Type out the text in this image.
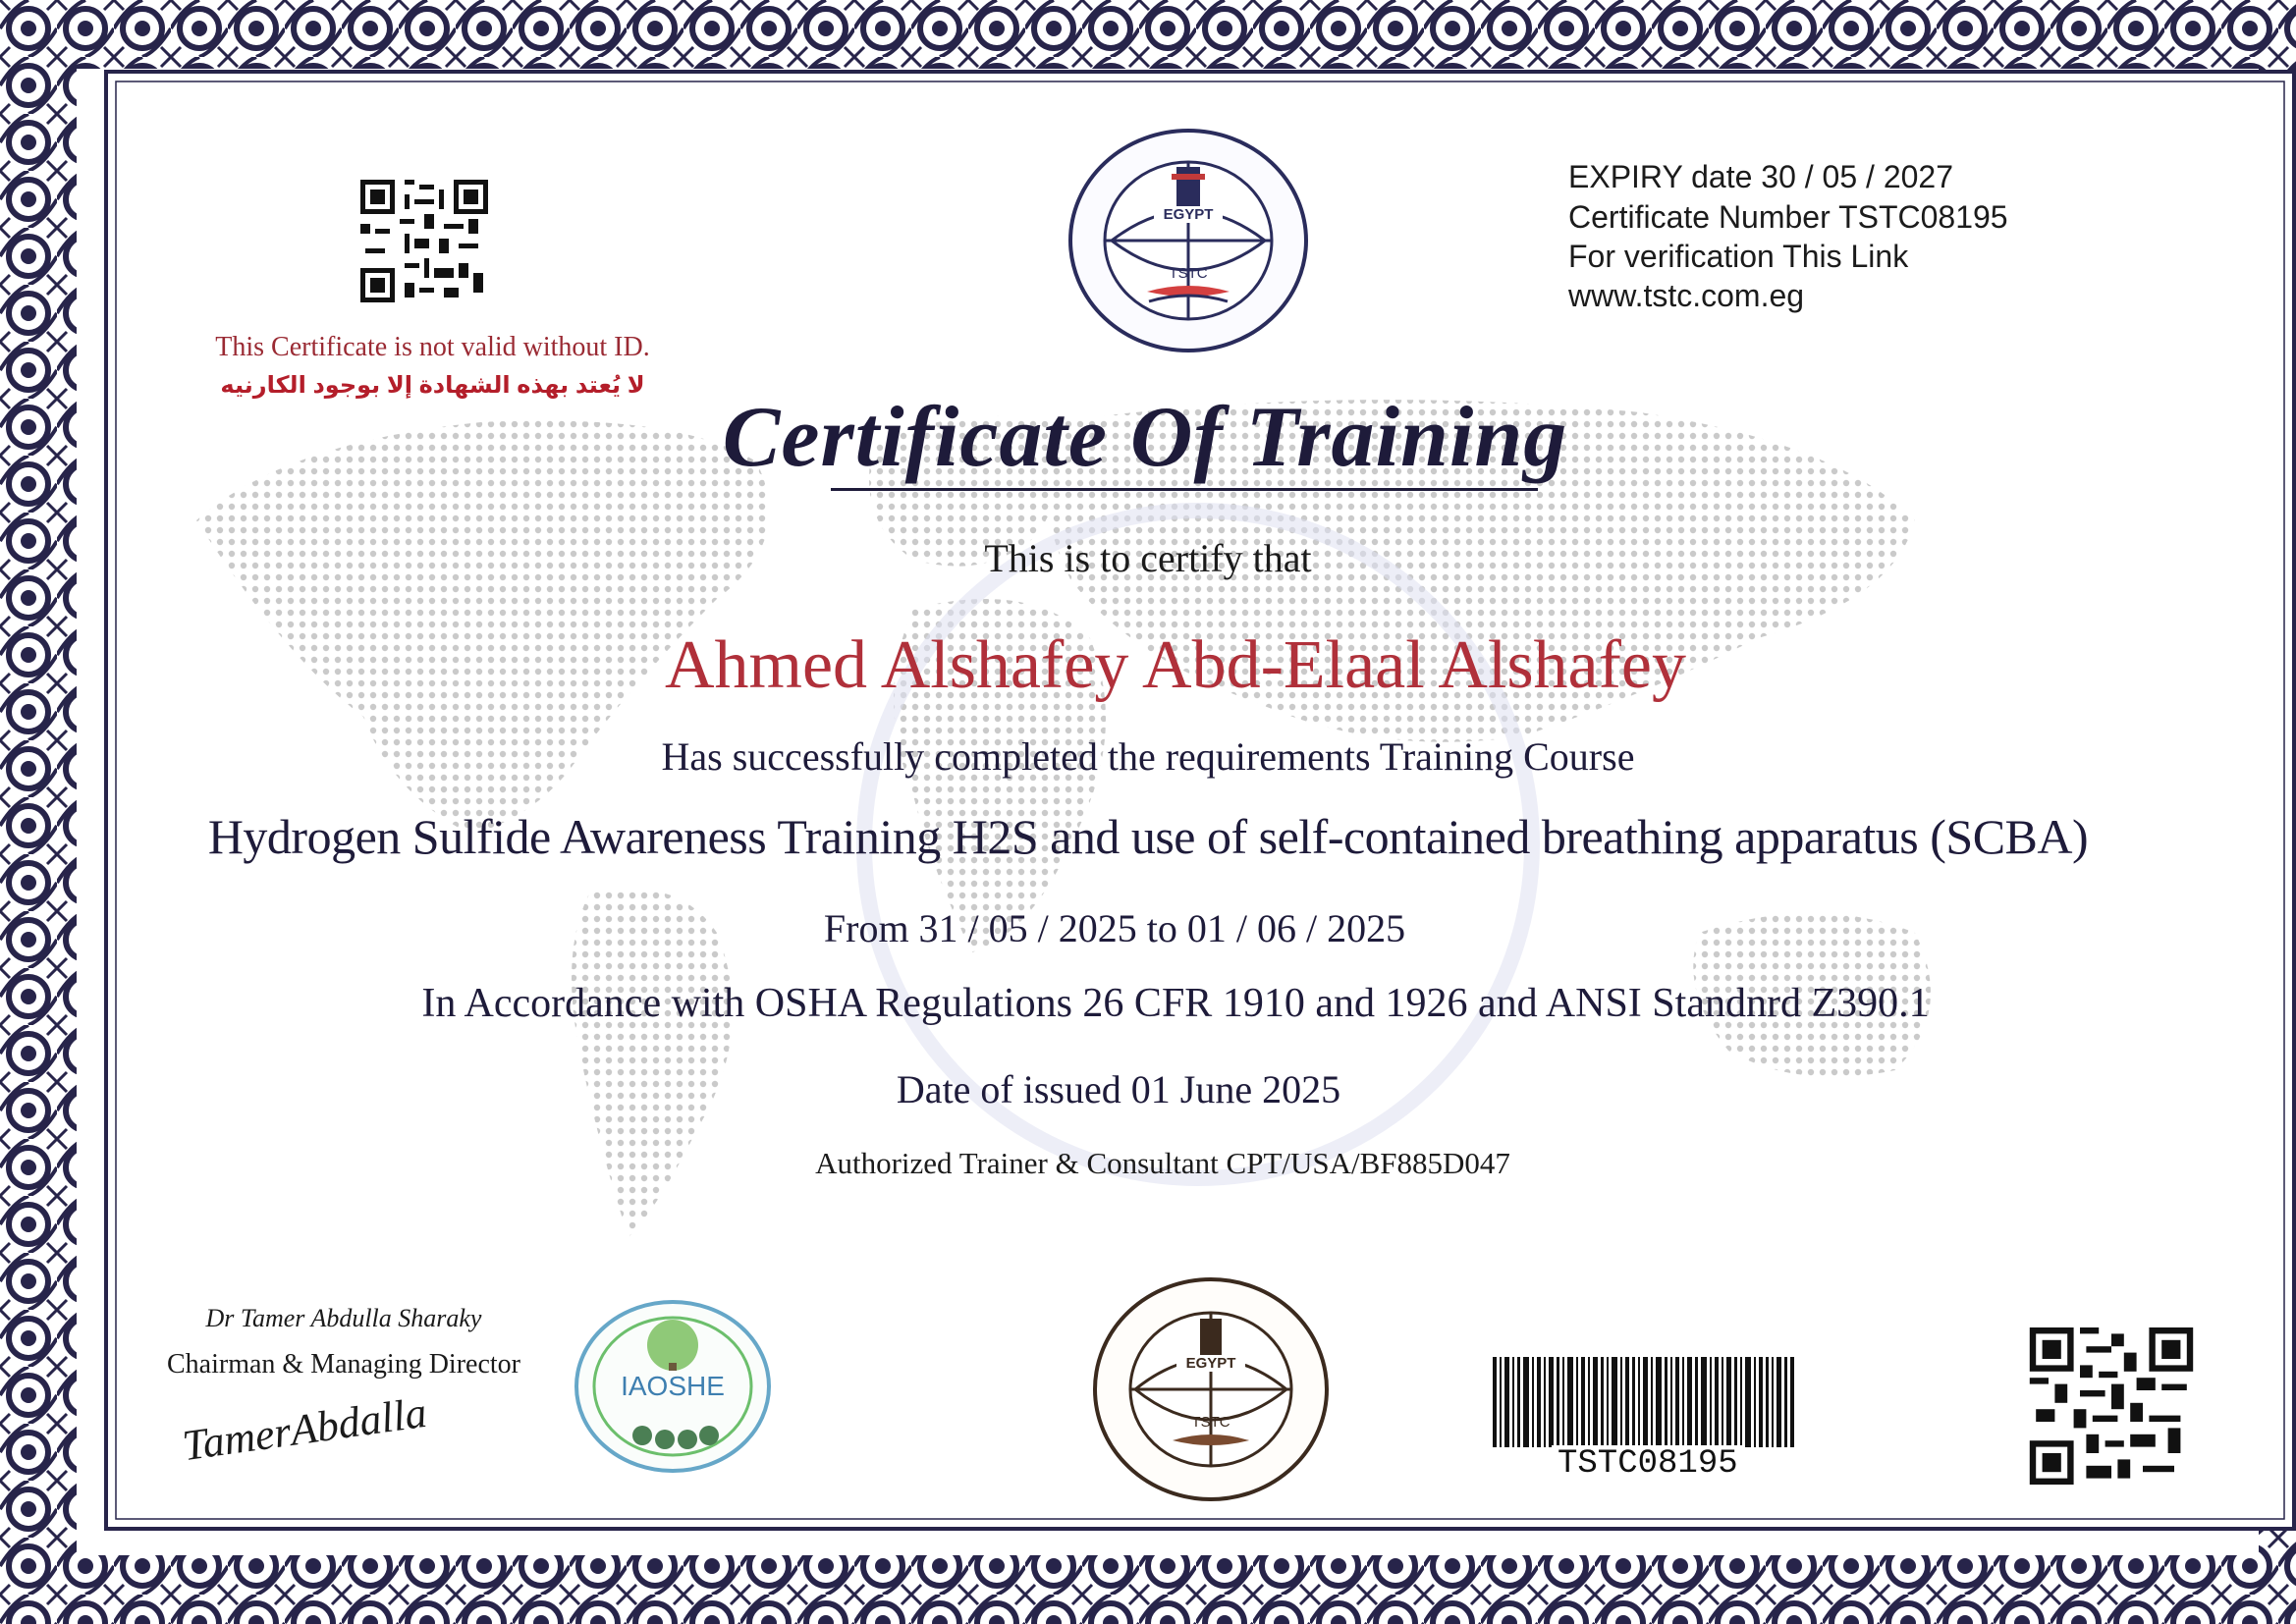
This Certificate is not valid without ID.
لا يُعتد بهذه الشهادة إلا بوجود الكارنيه
EGYPT
TSTC
EXPIRY date 30 / 05 / 2027
Certificate Number TSTC08195
For verification This Link
www.tstc.com.eg
Certificate Of Training
This is to certify that
Ahmed Alshafey Abd-Elaal Alshafey
Has successfully completed the requirements Training Course
Hydrogen Sulfide Awareness Training H2S and use of self-contained breathing apparatus (SCBA)
From 31 / 05 / 2025 to 01 / 06 / 2025
In Accordance with OSHA Regulations 26 CFR 1910 and 1926 and ANSI Standnrd Z390.1
Date of issued 01 June 2025
Authorized Trainer & Consultant CPT/USA/BF885D047
Dr Tamer Abdulla Sharaky
Chairman & Managing Director
TamerAbdalla
IAOSHE
EGYPT
TSTC
TSTC08195
